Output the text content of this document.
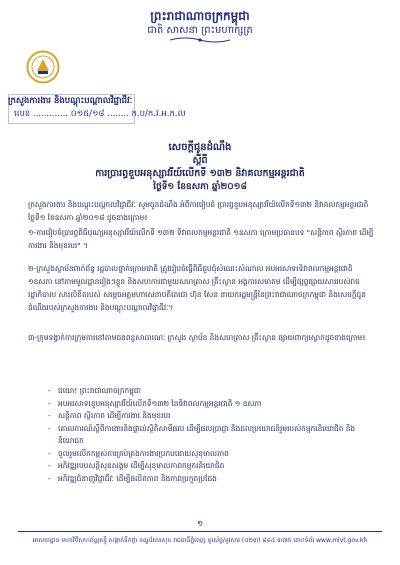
ព្រះរាជាណាចក្រកម្ពុជា
ជាតិ សាសនា ព្រះមហាក្សត្រ
ក្រសួងការងារ និងបណ្តុះបណ្តាលវិជ្ជាជីវៈ
លេខ ............. ០១៥/១៨ ........ ក.ប/ក.វ.អ.ក.ល
សេចក្តីជូនដំណឹង
ស្តីពី
ការប្រារព្ធខួបអនុស្សាវរីយ៍លើកទី ១៣២ និវាគលកម្មអន្តរជាតិ
ថ្ងៃទី១ ខែឧសភា ឆ្នាំ២០១៨
ក្រសួងការងារ និងបណ្តុះបណ្តាលវិជ្ជាជីវៈ សូមជូនដំណឹង អំពីការរៀបចំ ប្រារព្ធខួបអនុស្សាវរីយ៍លើកទី១៣២ និវាគលកម្មអន្តរជាតិ ថ្ងៃទី១ ខែឧសភា ឆ្នាំ២០១៨ ដូចខាងក្រោម៖
១-ការរៀបចំប្រារព្ធពិធីបុណ្យអនុស្សាវរីយ៍លើកទី ១៣២ ទិវាពលកម្មអន្តរជាតិ ១ឧសភា ក្រោមប្រធានបទ "សន្តិភាព ស្ថិរភាព ដើម្បីការងារ និងមុខរបរ" ។
២-ក្រសួងស្ថាប័នពាក់ព័ន្ធ រដ្ឋបាលថ្នាក់ក្រោមជាតិ ត្រូវរៀបចំធ្វើពិធីជួបជុំសំណេះសំណាល អបអរសាទរទិវាពលកម្មអន្តរជាតិ ១ឧសភា នៅតាមមូលដ្ឋានរៀងៗខ្លួន និងសហការជាមួយសហគ្រាស គ្រឹះស្ថាន អង្គការសមាគម ដើម្បីផ្សព្វផ្សាយសាររបស់រាជរដ្ឋាភិបាល សារលិខិតរបស់ សម្តេចអគ្គមហាសេនាបតីតេជោ ហ៊ុន សែន នាយករដ្ឋមន្ត្រីនៃព្រះរាជាណាចក្រកម្ពុជា និងសេចក្តីជូនដំណឹងរបស់ក្រសួងការងារ និងបណ្តុះបណ្តាលវិជ្ជាជីវៈ។
៣-ក្រុមទង្វាក់ការក្រុមការនៅតាមជនពន្ធសាធារណៈ ក្រសួង ស្ថាប័ន និងសហគ្រាស គ្រឹះស្ថាន ផ្សាយពាក្យស្លោកដូចខាងក្រោម៖
- ជយោ! ព្រះរាជាណាចក្រកម្ពុជា
- អបអរសាទរខួបអនុស្សាវរីយ៍លើកទី១៣២ នៃទិវាពលកម្មអន្តរជាតិ ១ ឧសភា
- សន្តិភាព ស្ថិរភាព ដើម្បីការងារ និងមុខរបរ
- គោលការណ៍ស្តីពីការងារនិងផ្ទាល់ស្ថិតិសាមីផល ដើម្បីផលប្រាជ្ញា និងជលប្រយោជន៍រួមរបស់កម្មករនិយោជិត និងនិយោជក
- ចូលរួមលើកកម្ពស់ការគ្រប់គ្រងការងារប្រកបដោយសុខុមាលភាព
- អភិវឌ្ឍរបបសន្តិសុខសង្គម ដើម្បីសុខុមាលភាពកម្មករនិយោជិត
- អភិវឌ្ឍជំនាញវិជ្ជាជីវៈ ដើម្បីផលិតភាព និងភាពប្រកួតប្រជែង
១
អាសយដ្ឋាន មហាវិថីសហព័ន្ធរុស្ស៊ី សង្កាត់ទឹកថ្លា ខណ្ឌសែនសុខ រាជធានីភ្នំពេញ ទូរស័ព្ទ/ទូរសារ (០២៣) ៨៨៤ ៣៧៥ គេហទំព័រ www.mlvt.gov.kh
